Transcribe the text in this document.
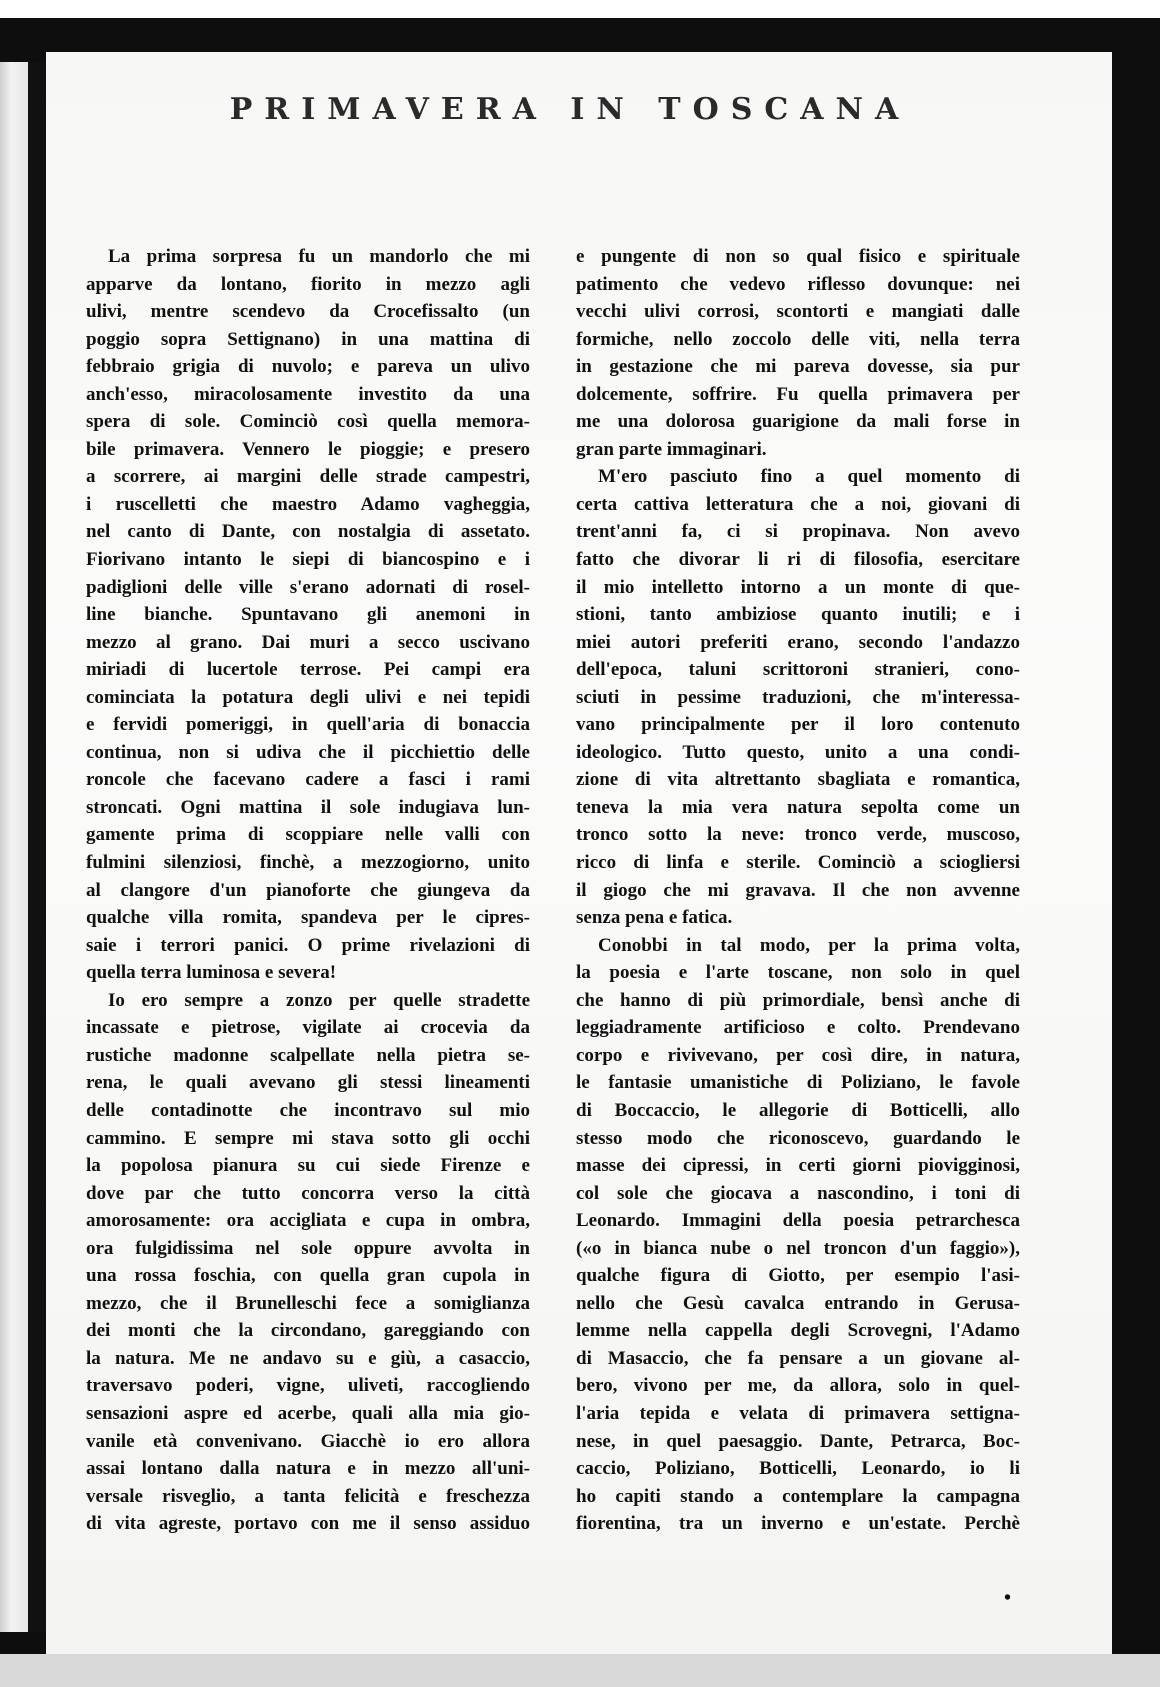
PRIMAVERA IN TOSCANA
La prima sorpresa fu un mandorlo che mi
apparve da lontano, fiorito in mezzo agli
ulivi, mentre scendevo da Crocefissalto (un
poggio sopra Settignano) in una mattina di
febbraio grigia di nuvolo; e pareva un ulivo
anch'esso, miracolosamente investito da una
spera di sole. Cominciò così quella memora-
bile primavera. Vennero le pioggie; e presero
a scorrere, ai margini delle strade campestri,
i ruscelletti che maestro Adamo vagheggia,
nel canto di Dante, con nostalgia di assetato.
Fiorivano intanto le siepi di biancospino e i
padiglioni delle ville s'erano adornati di rosel-
line bianche. Spuntavano gli anemoni in
mezzo al grano. Dai muri a secco uscivano
miriadi di lucertole terrose. Pei campi era
cominciata la potatura degli ulivi e nei tepidi
e fervidi pomeriggi, in quell'aria di bonaccia
continua, non si udiva che il picchiettio delle
roncole che facevano cadere a fasci i rami
stroncati. Ogni mattina il sole indugiava lun-
gamente prima di scoppiare nelle valli con
fulmini silenziosi, finchè, a mezzogiorno, unito
al clangore d'un pianoforte che giungeva da
qualche villa romita, spandeva per le cipres-
saie i terrori panici. O prime rivelazioni di
quella terra luminosa e severa!
Io ero sempre a zonzo per quelle stradette
incassate e pietrose, vigilate ai crocevia da
rustiche madonne scalpellate nella pietra se-
rena, le quali avevano gli stessi lineamenti
delle contadinotte che incontravo sul mio
cammino. E sempre mi stava sotto gli occhi
la popolosa pianura su cui siede Firenze e
dove par che tutto concorra verso la città
amorosamente: ora accigliata e cupa in ombra,
ora fulgidissima nel sole oppure avvolta in
una rossa foschia, con quella gran cupola in
mezzo, che il Brunelleschi fece a somiglianza
dei monti che la circondano, gareggiando con
la natura. Me ne andavo su e giù, a casaccio,
traversavo poderi, vigne, uliveti, raccogliendo
sensazioni aspre ed acerbe, quali alla mia gio-
vanile età convenivano. Giacchè io ero allora
assai lontano dalla natura e in mezzo all'uni-
versale risveglio, a tanta felicità e freschezza
di vita agreste, portavo con me il senso assiduo
e pungente di non so qual fisico e spirituale
patimento che vedevo riflesso dovunque: nei
vecchi ulivi corrosi, scontorti e mangiati dalle
formiche, nello zoccolo delle viti, nella terra
in gestazione che mi pareva dovesse, sia pur
dolcemente, soffrire. Fu quella primavera per
me una dolorosa guarigione da mali forse in
gran parte immaginari.
M'ero pasciuto fino a quel momento di
certa cattiva letteratura che a noi, giovani di
trent'anni fa, ci si propinava. Non avevo
fatto che divorar li ri di filosofia, esercitare
il mio intelletto intorno a un monte di que-
stioni, tanto ambiziose quanto inutili; e i
miei autori preferiti erano, secondo l'andazzo
dell'epoca, taluni scrittoroni stranieri, cono-
sciuti in pessime traduzioni, che m'interessa-
vano principalmente per il loro contenuto
ideologico. Tutto questo, unito a una condi-
zione di vita altrettanto sbagliata e romantica,
teneva la mia vera natura sepolta come un
tronco sotto la neve: tronco verde, muscoso,
ricco di linfa e sterile. Cominciò a sciogliersi
il giogo che mi gravava. Il che non avvenne
senza pena e fatica.
Conobbi in tal modo, per la prima volta,
la poesia e l'arte toscane, non solo in quel
che hanno di più primordiale, bensì anche di
leggiadramente artificioso e colto. Prendevano
corpo e rivivevano, per così dire, in natura,
le fantasie umanistiche di Poliziano, le favole
di Boccaccio, le allegorie di Botticelli, allo
stesso modo che riconoscevo, guardando le
masse dei cipressi, in certi giorni piovigginosi,
col sole che giocava a nascondino, i toni di
Leonardo. Immagini della poesia petrarchesca
(«o in bianca nube o nel troncon d'un faggio»),
qualche figura di Giotto, per esempio l'asi-
nello che Gesù cavalca entrando in Gerusa-
lemme nella cappella degli Scrovegni, l'Adamo
di Masaccio, che fa pensare a un giovane al-
bero, vivono per me, da allora, solo in quel-
l'aria tepida e velata di primavera settigna-
nese, in quel paesaggio. Dante, Petrarca, Boc-
caccio, Poliziano, Botticelli, Leonardo, io li
ho capiti stando a contemplare la campagna
fiorentina, tra un inverno e un'estate. Perchè
•
